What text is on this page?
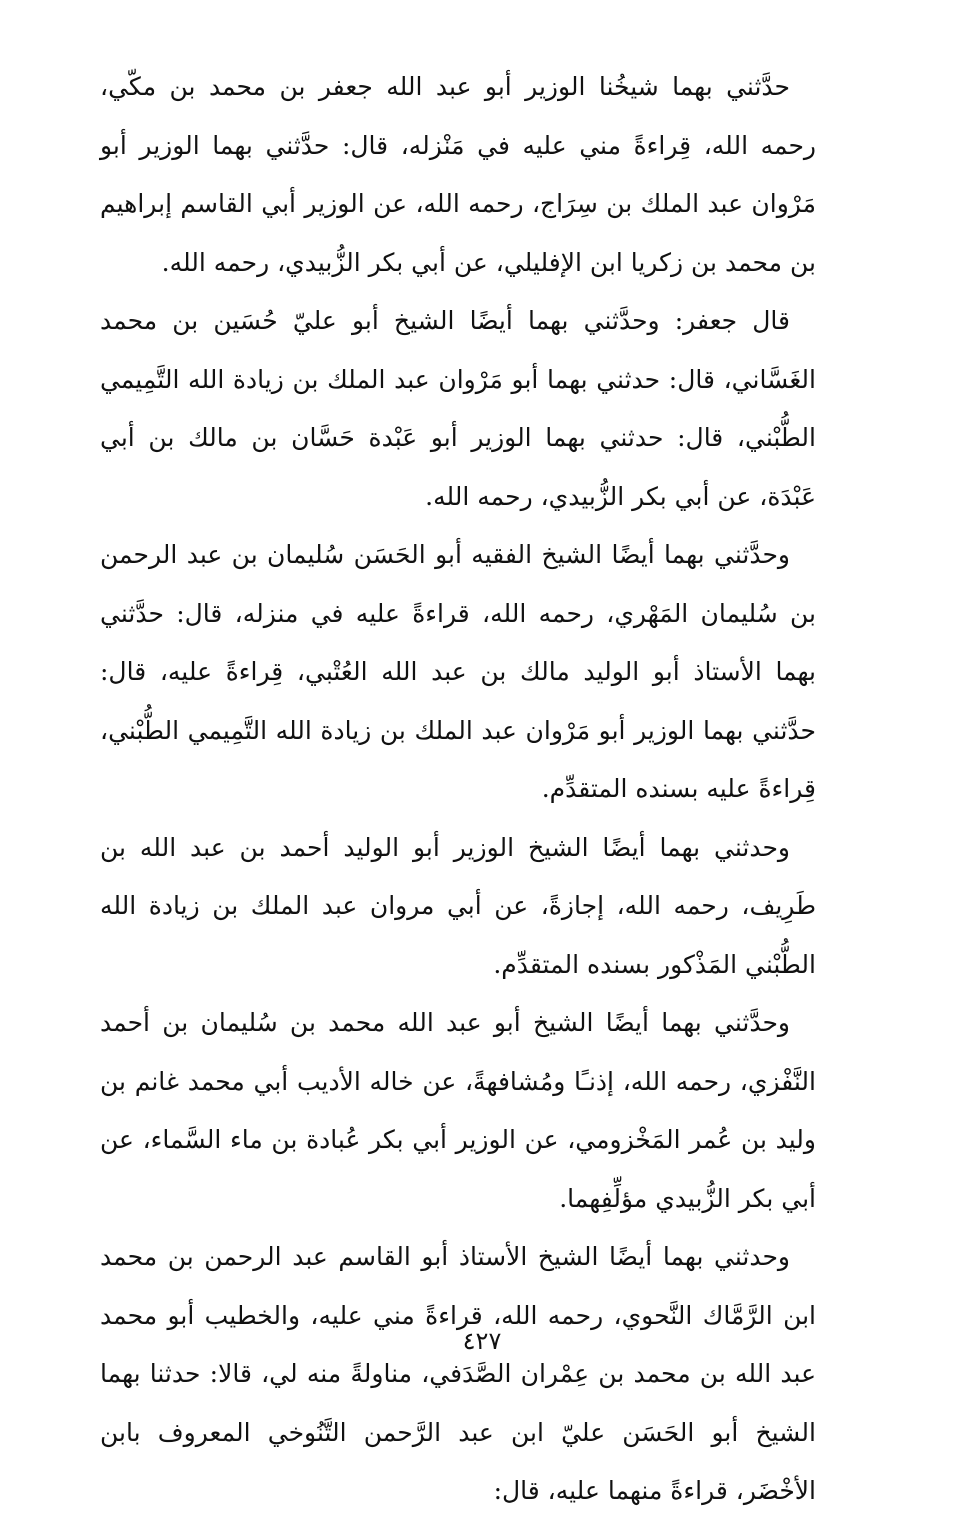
حدَّثني بهما شيخُنا الوزير أبو عبد الله جعفر بن محمد بن مكّي، رحمه الله، قِراءةً مني عليه في مَنْزله، قال: حدَّثني بهما الوزير أبو مَرْوان عبد الملك بن سِرَاج، رحمه الله، عن الوزير أبي القاسم إبراهيم بن محمد بن زكريا ابن الإفليلي، عن أبي بكر الزُّبيدي، رحمه الله.

قال جعفر: وحدَّثني بهما أيضًا الشيخ أبو عليّ حُسَين بن محمد الغَسَّاني، قال: حدثني بهما أبو مَرْوان عبد الملك بن زيادة الله التَّمِيمي الطُّبْني، قال: حدثني بهما الوزير أبو عَبْدة حَسَّان بن مالك بن أبي عَبْدَة، عن أبي بكر الزُّبيدي، رحمه الله.

وحدَّثني بهما أيضًا الشيخ الفقيه أبو الحَسَن سُليمان بن عبد الرحمن بن سُليمان المَهْري، رحمه الله، قراءةً عليه في منزله، قال: حدَّثني بهما الأستاذ أبو الوليد مالك بن عبد الله العُتْبي، قِراءةً عليه، قال: حدَّثني بهما الوزير أبو مَرْوان عبد الملك بن زيادة الله التَّمِيمي الطُّبْني، قِراءةً عليه بسنده المتقدِّم.

وحدثني بهما أيضًا الشيخ الوزير أبو الوليد أحمد بن عبد الله بن طَرِيف، رحمه الله، إجازةً، عن أبي مروان عبد الملك بن زيادة الله الطُّبْني المَذْكور بسنده المتقدِّم.

وحدَّثني بهما أيضًا الشيخ أبو عبد الله محمد بن سُليمان بن أحمد النَّفْزي، رحمه الله، إذنـًا ومُشافهةً، عن خاله الأديب أبي محمد غانم بن وليد بن عُمر المَخْزومي، عن الوزير أبي بكر عُبادة بن ماء السَّماء، عن أبي بكر الزُّبيدي مؤلِّفِهما.

وحدثني بهما أيضًا الشيخ الأستاذ أبو القاسم عبد الرحمن بن محمد ابن الرَّمَّاك النَّحوي، رحمه الله، قراءةً مني عليه، والخطيب أبو محمد عبد الله بن محمد بن عِمْران الصَّدَفي، مناولةً منه لي، قالا: حدثنا بهما الشيخ أبو الحَسَن عليّ ابن عبد الرَّحمن التَّنُوخي المعروف بابن الأخْضَر، قراءةً منهما عليه، قال:

٤٢٧
